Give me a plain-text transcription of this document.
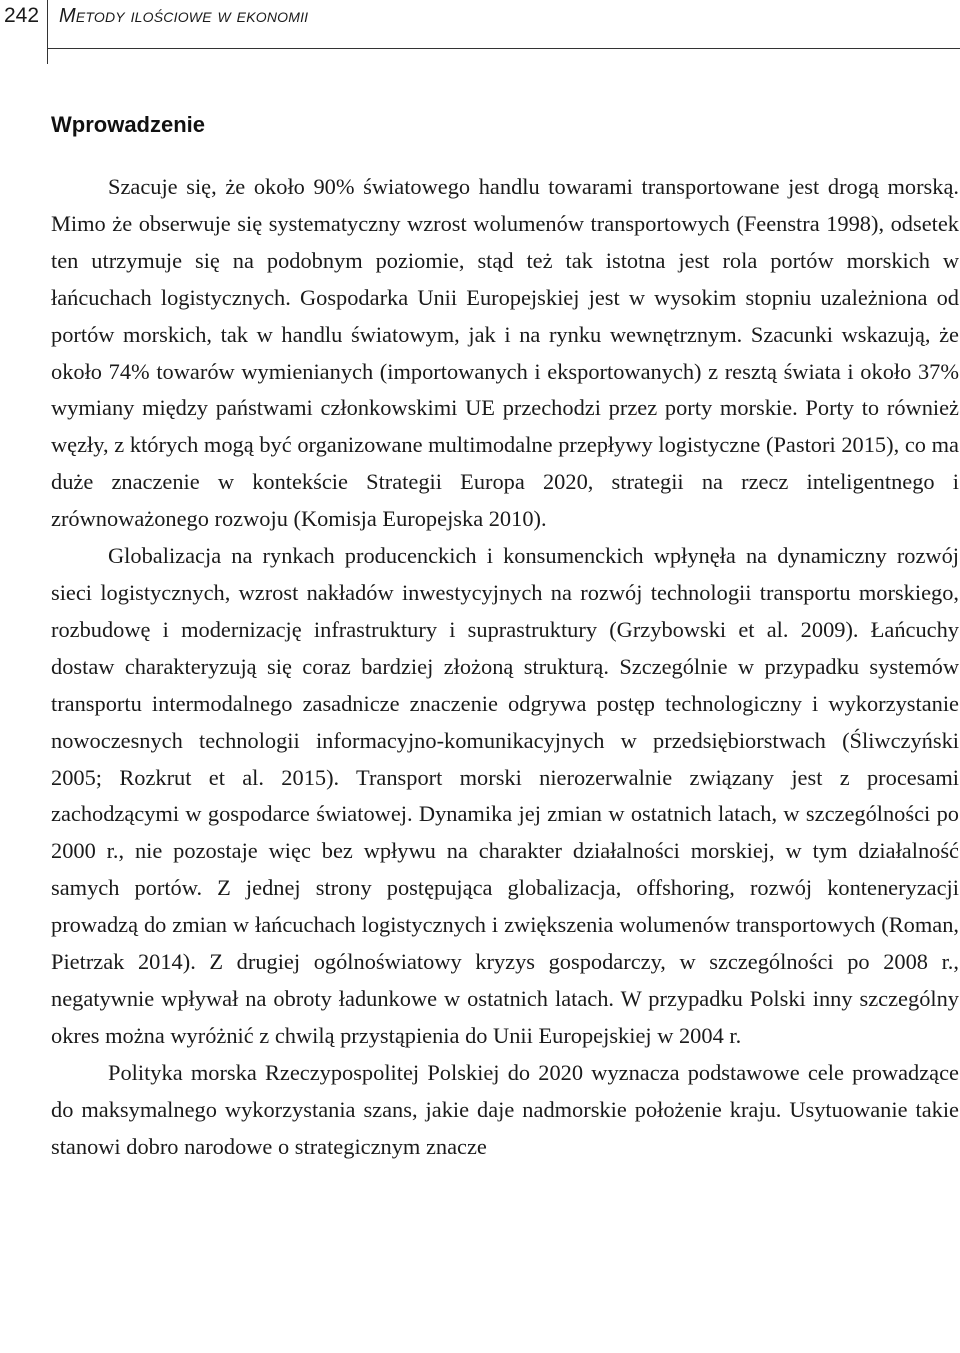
242 Metody ilościowe w ekonomii
Wprowadzenie

Szacuje się, że około 90% światowego handlu towarami transportowane jest drogą morską. Mimo że obserwuje się systematyczny wzrost wolumenów transportowych (Feenstra 1998), odsetek ten utrzymuje się na podobnym poziomie, stąd też tak istotna jest rola portów morskich w łańcuchach logistycznych. Gospodarka Unii Europejskiej jest w wysokim stopniu uzależniona od portów morskich, tak w handlu światowym, jak i na rynku wewnętrznym. Szacunki wskazują, że około 74% towarów wymienianych (importowanych i eksportowanych) z resztą świata i około 37% wymiany między państwami członkowskimi UE przechodzi przez porty morskie. Porty to również węzły, z których mogą być organizowane multimodalne przepływy logistyczne (Pastori 2015), co ma duże znaczenie w kontekście Strategii Europa 2020, strategii na rzecz inteligentnego i zrównoważonego rozwoju (Komisja Europejska 2010).

Globalizacja na rynkach producenckich i konsumenckich wpłynęła na dynamiczny rozwój sieci logistycznych, wzrost nakładów inwestycyjnych na rozwój technologii transportu morskiego, rozbudowę i modernizację infrastruktury i suprastruktury (Grzybowski et al. 2009). Łańcuchy dostaw charakteryzują się coraz bardziej złożoną strukturą. Szczególnie w przypadku systemów transportu intermodalnego zasadnicze znaczenie odgrywa postęp technologiczny i wykorzystanie nowoczesnych technologii informacyjno-komunikacyjnych w przedsiębiorstwach (Śliwczyński 2005; Rozkrut et al. 2015). Transport morski nierozerwalnie związany jest z procesami zachodzącymi w gospodarce światowej. Dynamika jej zmian w ostatnich latach, w szczególności po 2000 r., nie pozostaje więc bez wpływu na charakter działalności morskiej, w tym działalność samych portów. Z jednej strony postępująca globalizacja, offshoring, rozwój konteneryzacji prowadzą do zmian w łańcuchach logistycznych i zwiększenia wolumenów transportowych (Roman, Pietrzak 2014). Z drugiej ogólnoświatowy kryzys gospodarczy, w szczególności po 2008 r., negatywnie wpływał na obroty ładunkowe w ostatnich latach. W przypadku Polski inny szczególny okres można wyróżnić z chwilą przystąpienia do Unii Europejskiej w 2004 r.

Polityka morska Rzeczypospolitej Polskiej do 2020 wyznacza podstawowe cele prowadzące do maksymalnego wykorzystania szans, jakie daje nadmorskie położenie kraju. Usytuowanie takie stanowi dobro narodowe o strategicznym znacze
